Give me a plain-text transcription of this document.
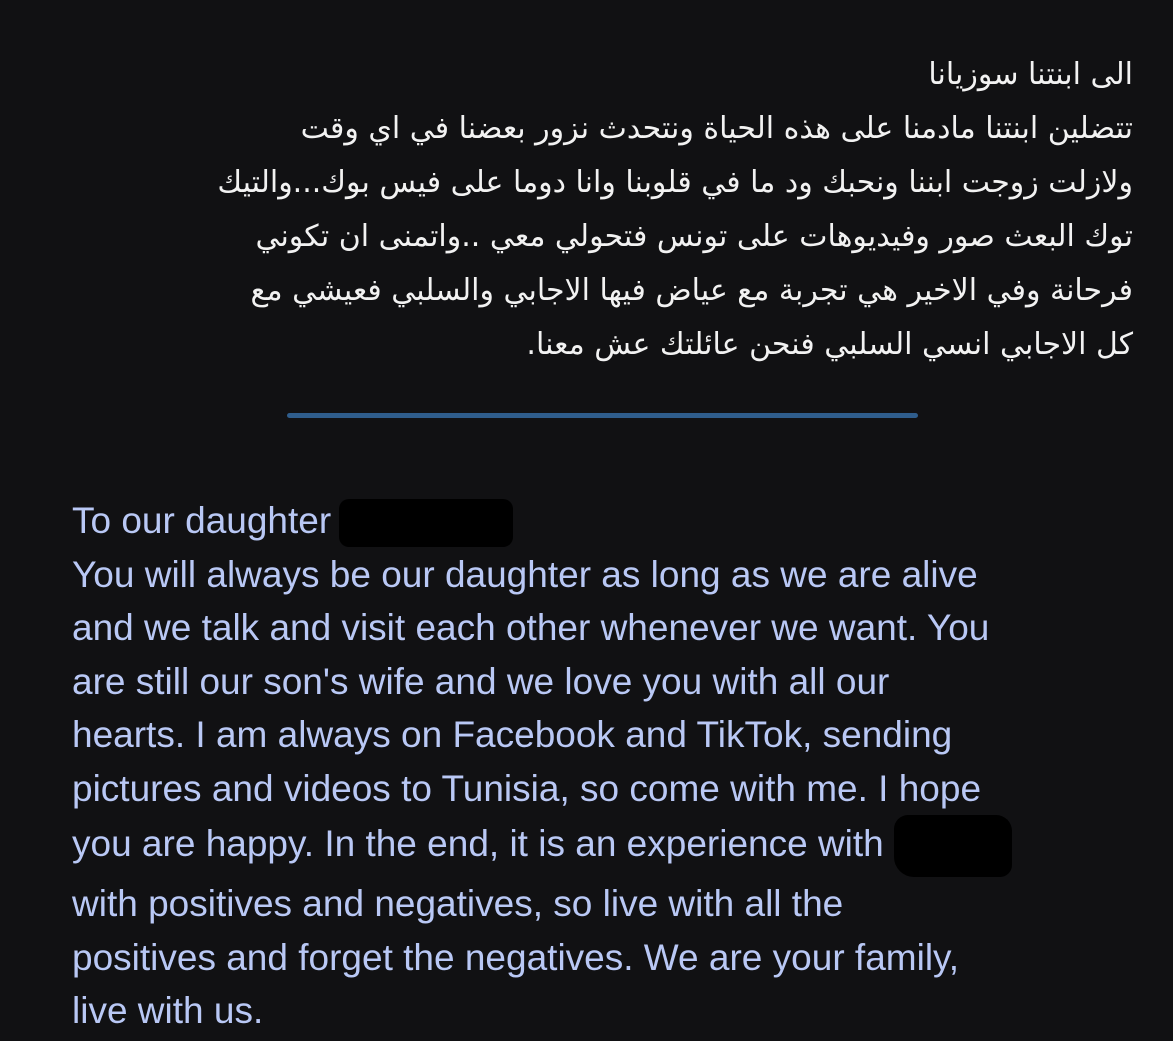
الى ابنتنا سوزيانا
تتضلين ابنتنا مادمنا على هذه الحياة ونتحدث نزور بعضنا في اي وقت
ولازلت زوجت ابننا ونحبك ود ما في قلوبنا وانا دوما على فيس بوك...والتيك
توك البعث صور وفيديوهات على تونس فتحولي معي ..واتمنى ان تكوني
فرحانة وفي الاخير هي تجربة مع عياض فيها الاجابي والسلبي فعيشي مع
كل الاجابي انسي السلبي فنحن عائلتك عش معنا.
To our daughter
You will always be our daughter as long as we are alive
and we talk and visit each other whenever we want. You
are still our son's wife and we love you with all our
hearts. I am always on Facebook and TikTok, sending
pictures and videos to Tunisia, so come with me. I hope
you are happy. In the end, it is an experience with
with positives and negatives, so live with all the
positives and forget the negatives. We are your family,
live with us.
